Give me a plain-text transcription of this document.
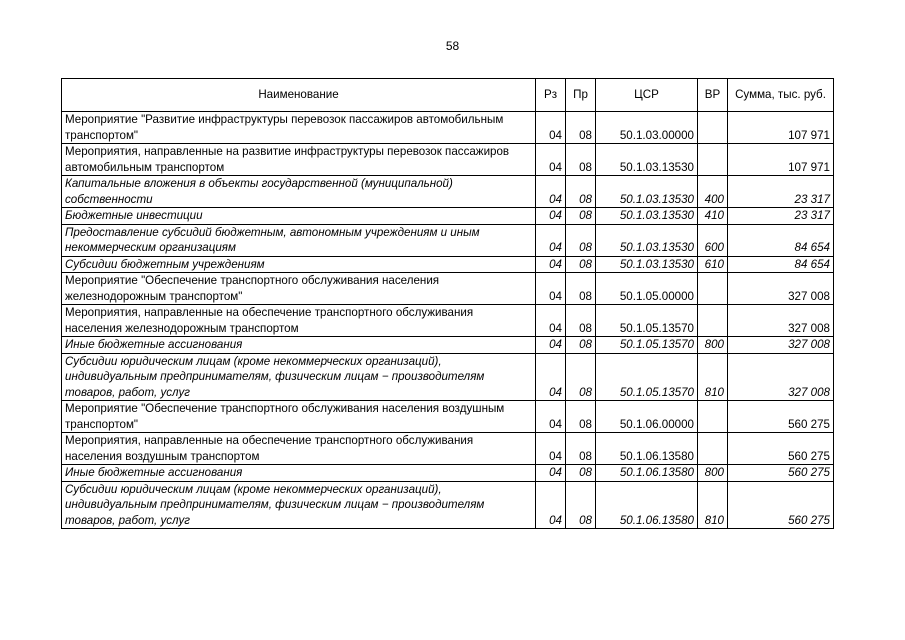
58
Наименование	Рз	Пр	ЦСР	ВР	Сумма, тыс. руб.
Мероприятие "Развитие инфраструктуры перевозок пассажиров автомобильным транспортом"	04	08	50.1.03.00000		107 971
Мероприятия, направленные на развитие инфраструктуры перевозок пассажиров автомобильным транспортом	04	08	50.1.03.13530		107 971
Капитальные вложения в объекты государственной (муниципальной) собственности	04	08	50.1.03.13530	400	23 317
Бюджетные инвестиции	04	08	50.1.03.13530	410	23 317
Предоставление субсидий бюджетным, автономным учреждениям и иным некоммерческим организациям	04	08	50.1.03.13530	600	84 654
Субсидии бюджетным учреждениям	04	08	50.1.03.13530	610	84 654
Мероприятие "Обеспечение транспортного обслуживания населения железнодорожным транспортом"	04	08	50.1.05.00000		327 008
Мероприятия, направленные на обеспечение транспортного обслуживания населения железнодорожным транспортом	04	08	50.1.05.13570		327 008
Иные бюджетные ассигнования	04	08	50.1.05.13570	800	327 008
Субсидии юридическим лицам (кроме некоммерческих организаций), индивидуальным предпринимателям, физическим лицам − производителям товаров, работ, услуг	04	08	50.1.05.13570	810	327 008
Мероприятие "Обеспечение транспортного обслуживания населения воздушным транспортом"	04	08	50.1.06.00000		560 275
Мероприятия, направленные на обеспечение транспортного обслуживания населения воздушным транспортом	04	08	50.1.06.13580		560 275
Иные бюджетные ассигнования	04	08	50.1.06.13580	800	560 275
Субсидии юридическим лицам (кроме некоммерческих организаций), индивидуальным предпринимателям, физическим лицам − производителям товаров, работ, услуг	04	08	50.1.06.13580	810	560 275
